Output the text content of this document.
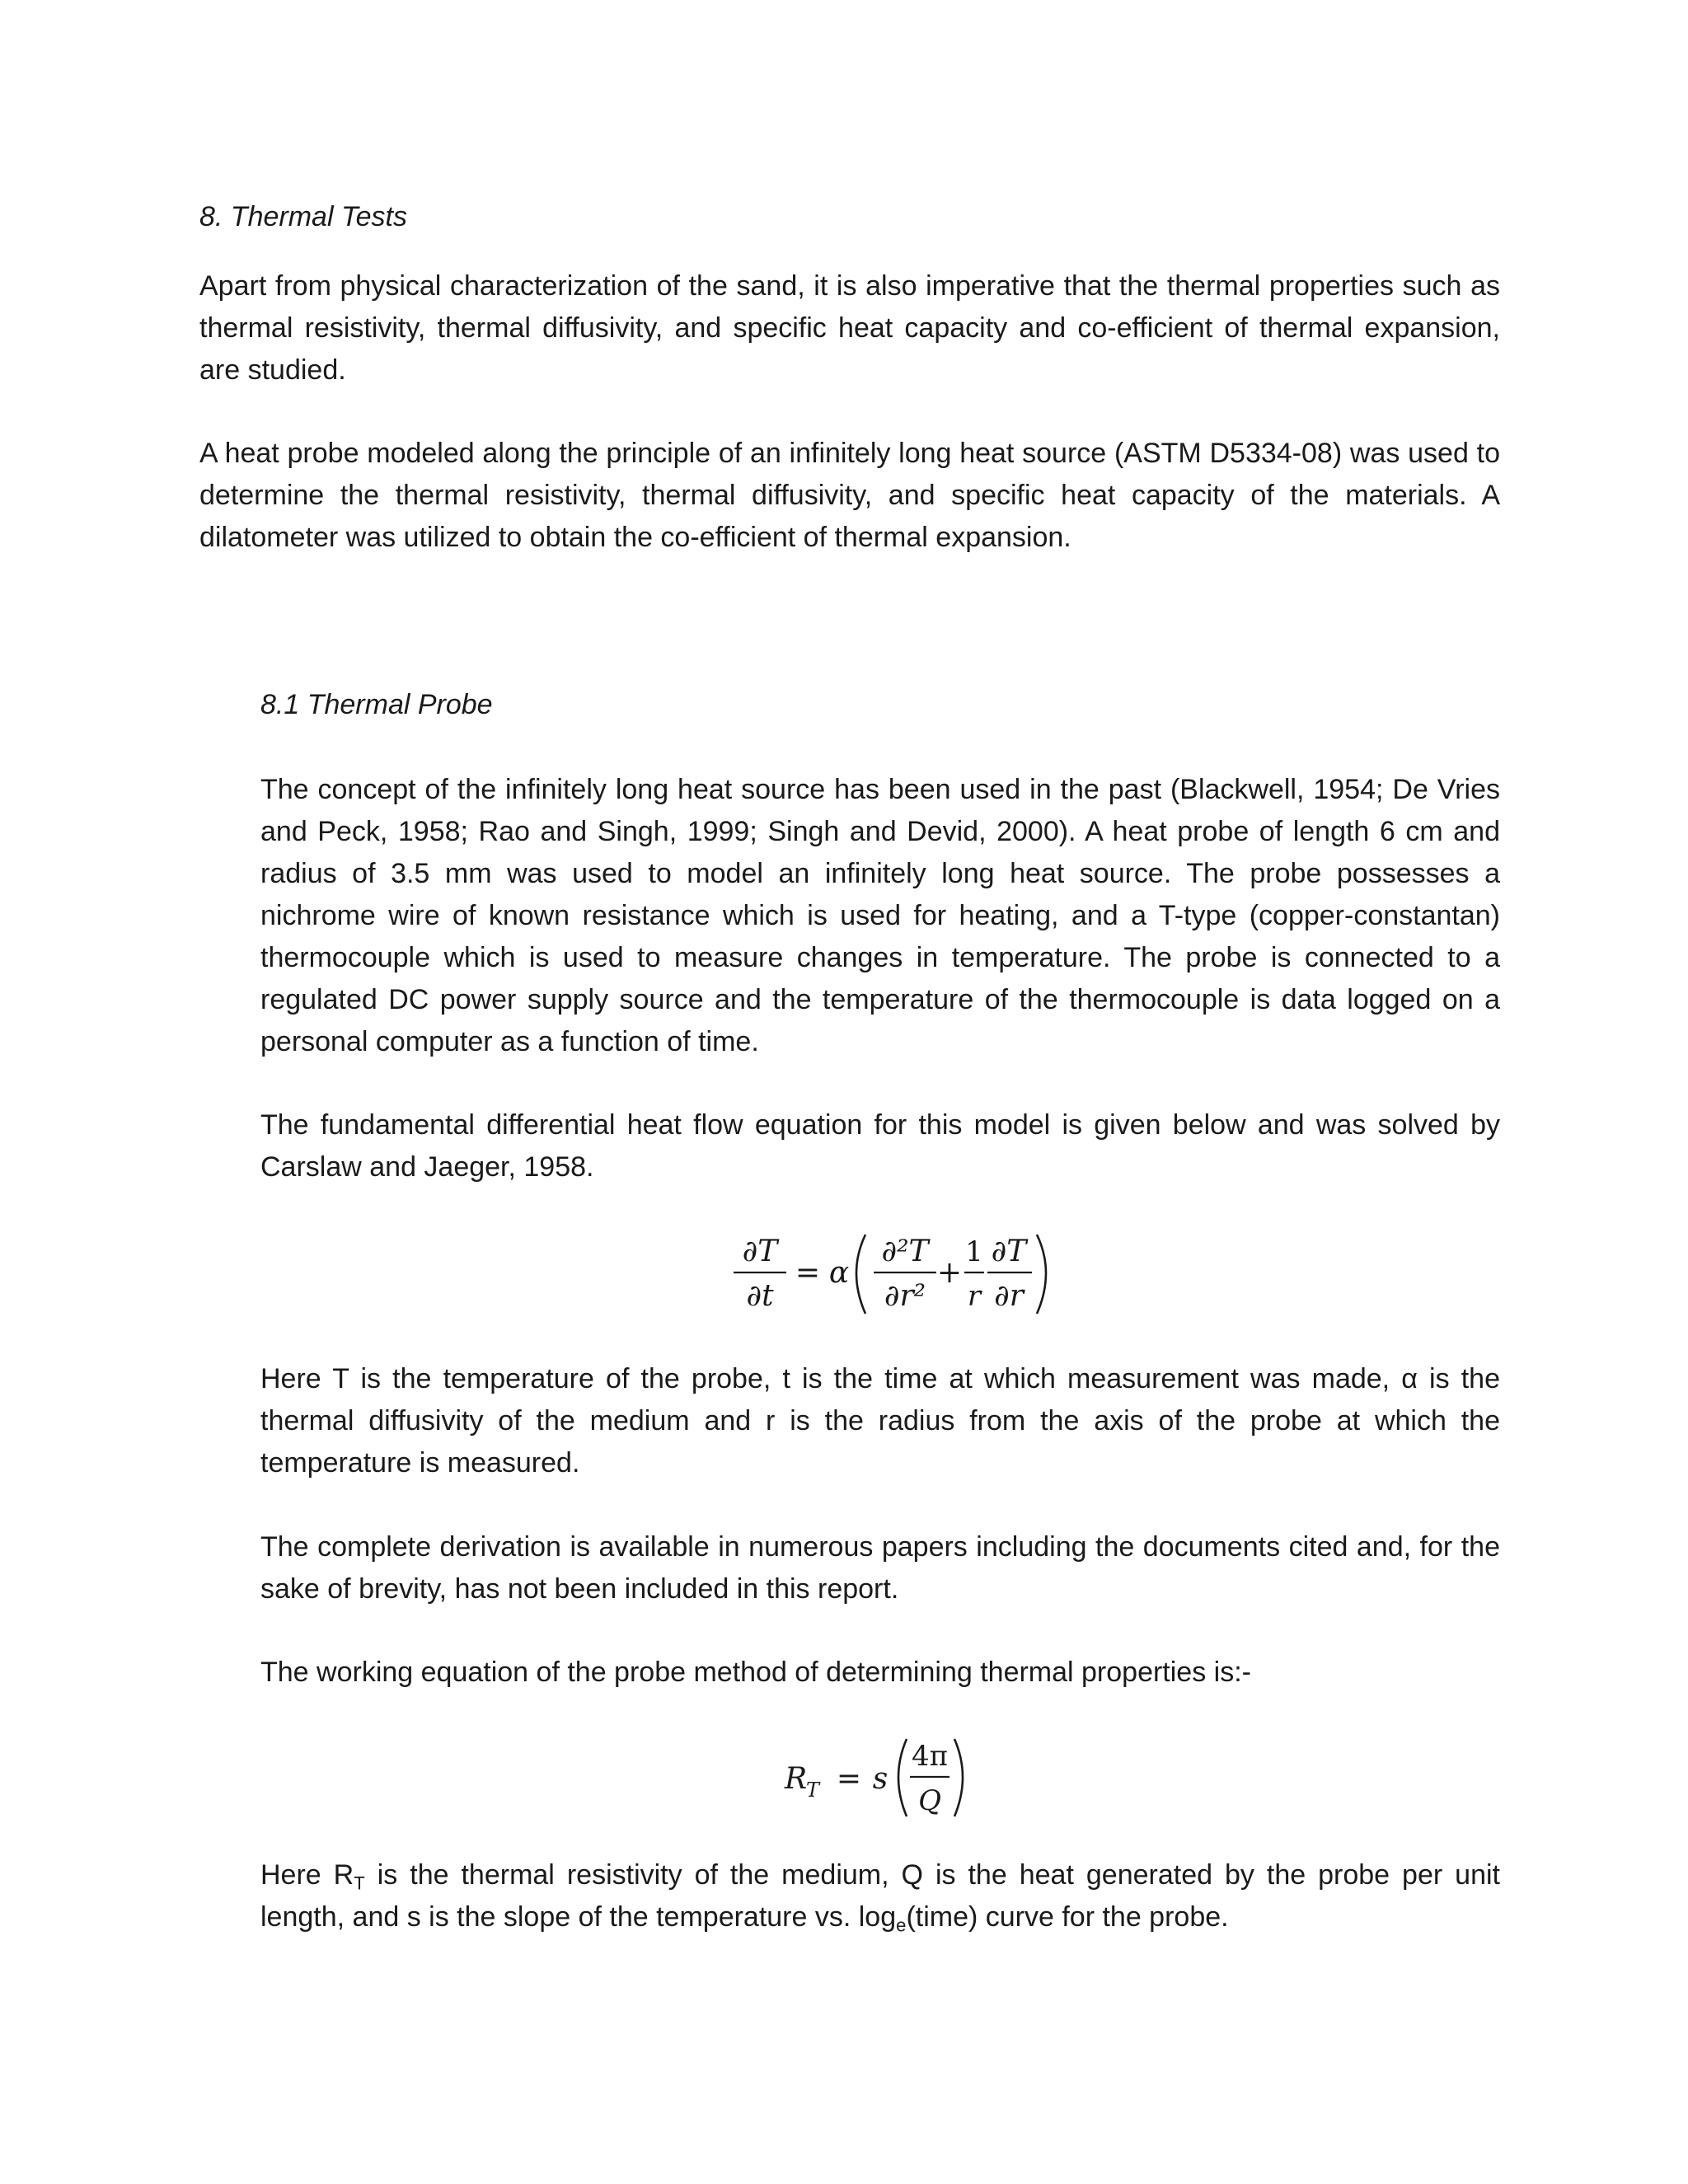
8. Thermal Tests

Apart from physical characterization of the sand, it is also imperative that the thermal properties such as thermal resistivity, thermal diffusivity, and specific heat capacity and co-efficient of thermal expansion, are studied.

A heat probe modeled along the principle of an infinitely long heat source (ASTM D5334-08) was used to determine the thermal resistivity, thermal diffusivity, and specific heat capacity of the materials. A dilatometer was utilized to obtain the co-efficient of thermal expansion.

8.1 Thermal Probe

The concept of the infinitely long heat source has been used in the past (Blackwell, 1954; De Vries and Peck, 1958; Rao and Singh, 1999; Singh and Devid, 2000). A heat probe of length 6 cm and radius of 3.5 mm was used to model an infinitely long heat source. The probe possesses a nichrome wire of known resistance which is used for heating, and a T-type (copper-constantan) thermocouple which is used to measure changes in temperature. The probe is connected to a regulated DC power supply source and the temperature of the thermocouple is data logged on a personal computer as a function of time.

The fundamental differential heat flow equation for this model is given below and was solved by Carslaw and Jaeger, 1958.

∂T
∂t
= α
∂²T
∂r²
+
1
r
∂T
∂r

Here T is the temperature of the probe, t is the time at which measurement was made, α is the thermal diffusivity of the medium and r is the radius from the axis of the probe at which the temperature is measured.

The complete derivation is available in numerous papers including the documents cited and, for the sake of brevity, has not been included in this report.

The working equation of the probe method of determining thermal properties is:-

R
T = s
4π
Q

Here $R_T$ is the thermal resistivity of the medium, Q is the heat generated by the probe per unit length, and s is the slope of the temperature vs. $\log_e(time)$ curve for the probe.
